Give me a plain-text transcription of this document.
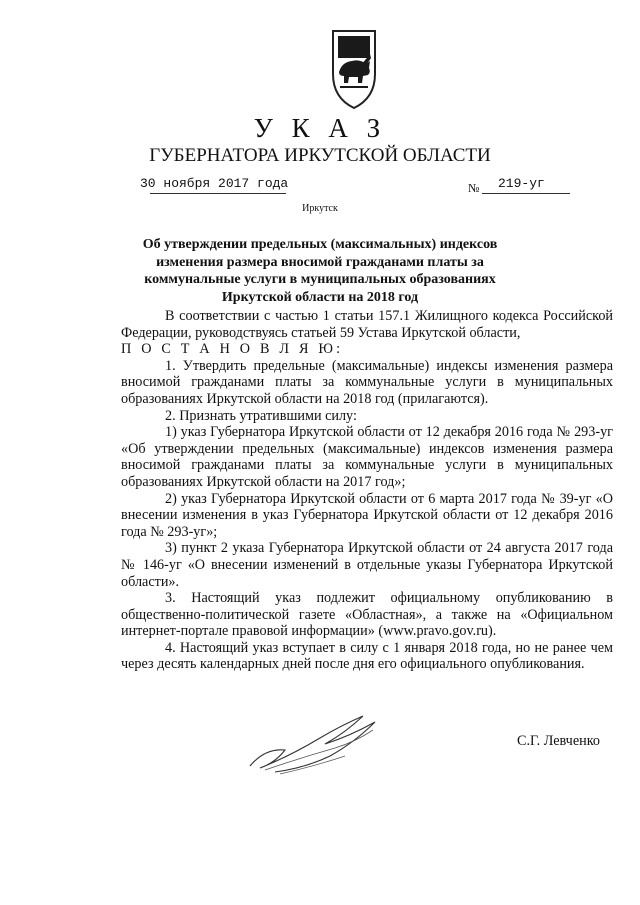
У К А З
ГУБЕРНАТОРА ИРКУТСКОЙ ОБЛАСТИ
30 ноября 2017 года	№ 219-уг
Иркутск
Об утверждении предельных (максимальных) индексов изменения размера вносимой гражданами платы за коммунальные услуги в муниципальных образованиях Иркутской области на 2018 год

В соответствии с частью 1 статьи 157.1 Жилищного кодекса Российской Федерации, руководствуясь статьей 59 Устава Иркутской области,

П О С Т А Н О В Л Я Ю:

1. Утвердить предельные (максимальные) индексы изменения размера вносимой гражданами платы за коммунальные услуги в муниципальных образованиях Иркутской области на 2018 год (прилагаются).

2. Признать утратившими силу:

1) указ Губернатора Иркутской области от 12 декабря 2016 года № 293-уг «Об утверждении предельных (максимальные) индексов изменения размера вносимой гражданами платы за коммунальные услуги в муниципальных образованиях Иркутской области на 2017 год»;

2) указ Губернатора Иркутской области от 6 марта 2017 года № 39-уг «О внесении изменения в указ Губернатора Иркутской области от 12 декабря 2016 года № 293-уг»;

3) пункт 2 указа Губернатора Иркутской области от 24 августа 2017 года № 146-уг «О внесении изменений в отдельные указы Губернатора Иркутской области».

3. Настоящий указ подлежит официальному опубликованию в общественно-политической газете «Областная», а также на «Официальном интернет-портале правовой информации» (www.pravo.gov.ru).

4. Настоящий указ вступает в силу с 1 января 2018 года, но не ранее чем через десять календарных дней после дня его официального опубликования.

С.Г. Левченко
